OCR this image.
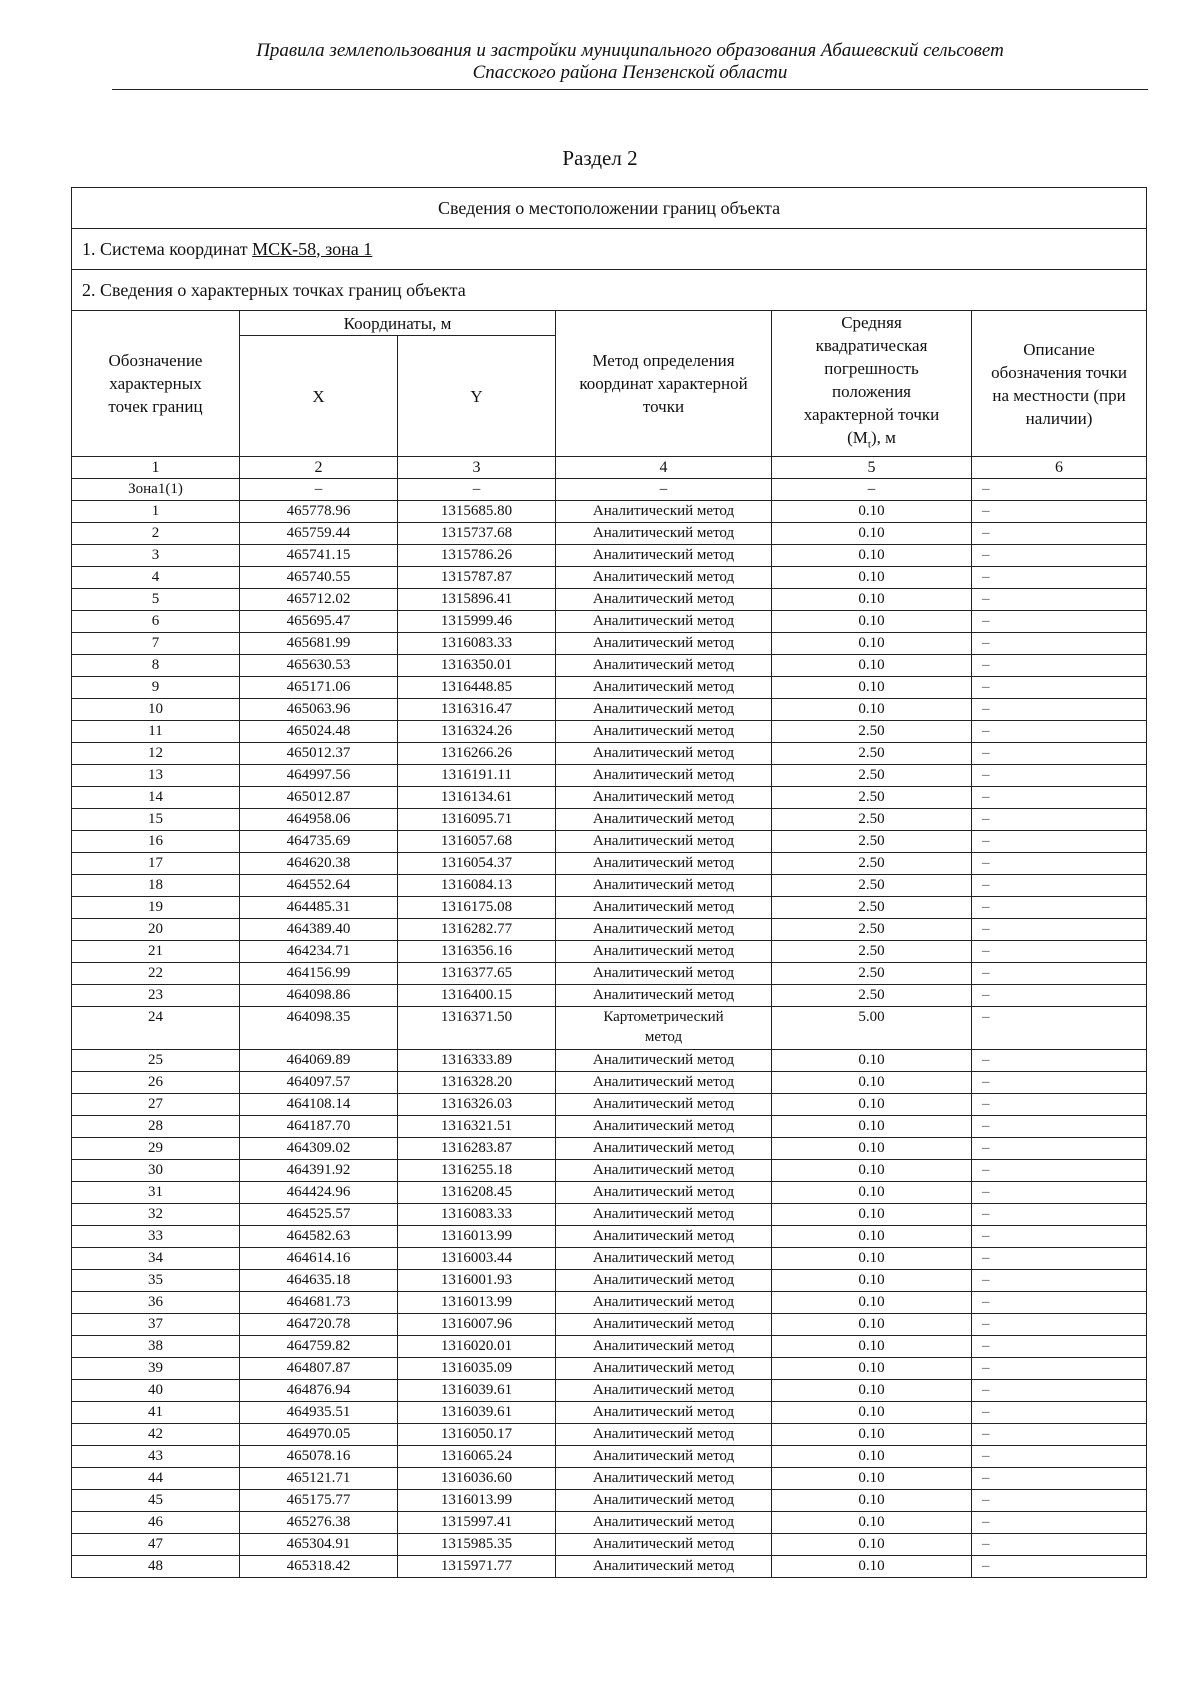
Правила землепользования и застройки муниципального образования Абашевский сельсовет
Спасского района Пензенской области
Раздел 2
Сведения о местоположении границ объекта					
1. Система координат МСК-58, зона 1					
2. Сведения о характерных точках границ объекта					
Обозначение характерных точек границ	Координаты, м		Метод определения координат характерной точки	Средняя квадратическая погрешность положения характерной точки $(M_t)$, м	Описание обозначения точки на местности (при наличии)
	X	Y			
1	2	3	4	5	6
Зона1(1)	–	–	–	–	–
1	465778.96	1315685.80	Аналитический метод	0.10	–
2	465759.44	1315737.68	Аналитический метод	0.10	–
3	465741.15	1315786.26	Аналитический метод	0.10	–
4	465740.55	1315787.87	Аналитический метод	0.10	–
5	465712.02	1315896.41	Аналитический метод	0.10	–
6	465695.47	1315999.46	Аналитический метод	0.10	–
7	465681.99	1316083.33	Аналитический метод	0.10	–
8	465630.53	1316350.01	Аналитический метод	0.10	–
9	465171.06	1316448.85	Аналитический метод	0.10	–
10	465063.96	1316316.47	Аналитический метод	0.10	–
11	465024.48	1316324.26	Аналитический метод	2.50	–
12	465012.37	1316266.26	Аналитический метод	2.50	–
13	464997.56	1316191.11	Аналитический метод	2.50	–
14	465012.87	1316134.61	Аналитический метод	2.50	–
15	464958.06	1316095.71	Аналитический метод	2.50	–
16	464735.69	1316057.68	Аналитический метод	2.50	–
17	464620.38	1316054.37	Аналитический метод	2.50	–
18	464552.64	1316084.13	Аналитический метод	2.50	–
19	464485.31	1316175.08	Аналитический метод	2.50	–
20	464389.40	1316282.77	Аналитический метод	2.50	–
21	464234.71	1316356.16	Аналитический метод	2.50	–
22	464156.99	1316377.65	Аналитический метод	2.50	–
23	464098.86	1316400.15	Аналитический метод	2.50	–
24	464098.35	1316371.50	Картометрический метод	5.00	–
25	464069.89	1316333.89	Аналитический метод	0.10	–
26	464097.57	1316328.20	Аналитический метод	0.10	–
27	464108.14	1316326.03	Аналитический метод	0.10	–
28	464187.70	1316321.51	Аналитический метод	0.10	–
29	464309.02	1316283.87	Аналитический метод	0.10	–
30	464391.92	1316255.18	Аналитический метод	0.10	–
31	464424.96	1316208.45	Аналитический метод	0.10	–
32	464525.57	1316083.33	Аналитический метод	0.10	–
33	464582.63	1316013.99	Аналитический метод	0.10	–
34	464614.16	1316003.44	Аналитический метод	0.10	–
35	464635.18	1316001.93	Аналитический метод	0.10	–
36	464681.73	1316013.99	Аналитический метод	0.10	–
37	464720.78	1316007.96	Аналитический метод	0.10	–
38	464759.82	1316020.01	Аналитический метод	0.10	–
39	464807.87	1316035.09	Аналитический метод	0.10	–
40	464876.94	1316039.61	Аналитический метод	0.10	–
41	464935.51	1316039.61	Аналитический метод	0.10	–
42	464970.05	1316050.17	Аналитический метод	0.10	–
43	465078.16	1316065.24	Аналитический метод	0.10	–
44	465121.71	1316036.60	Аналитический метод	0.10	–
45	465175.77	1316013.99	Аналитический метод	0.10	–
46	465276.38	1315997.41	Аналитический метод	0.10	–
47	465304.91	1315985.35	Аналитический метод	0.10	–
48	465318.42	1315971.77	Аналитический метод	0.10	–
